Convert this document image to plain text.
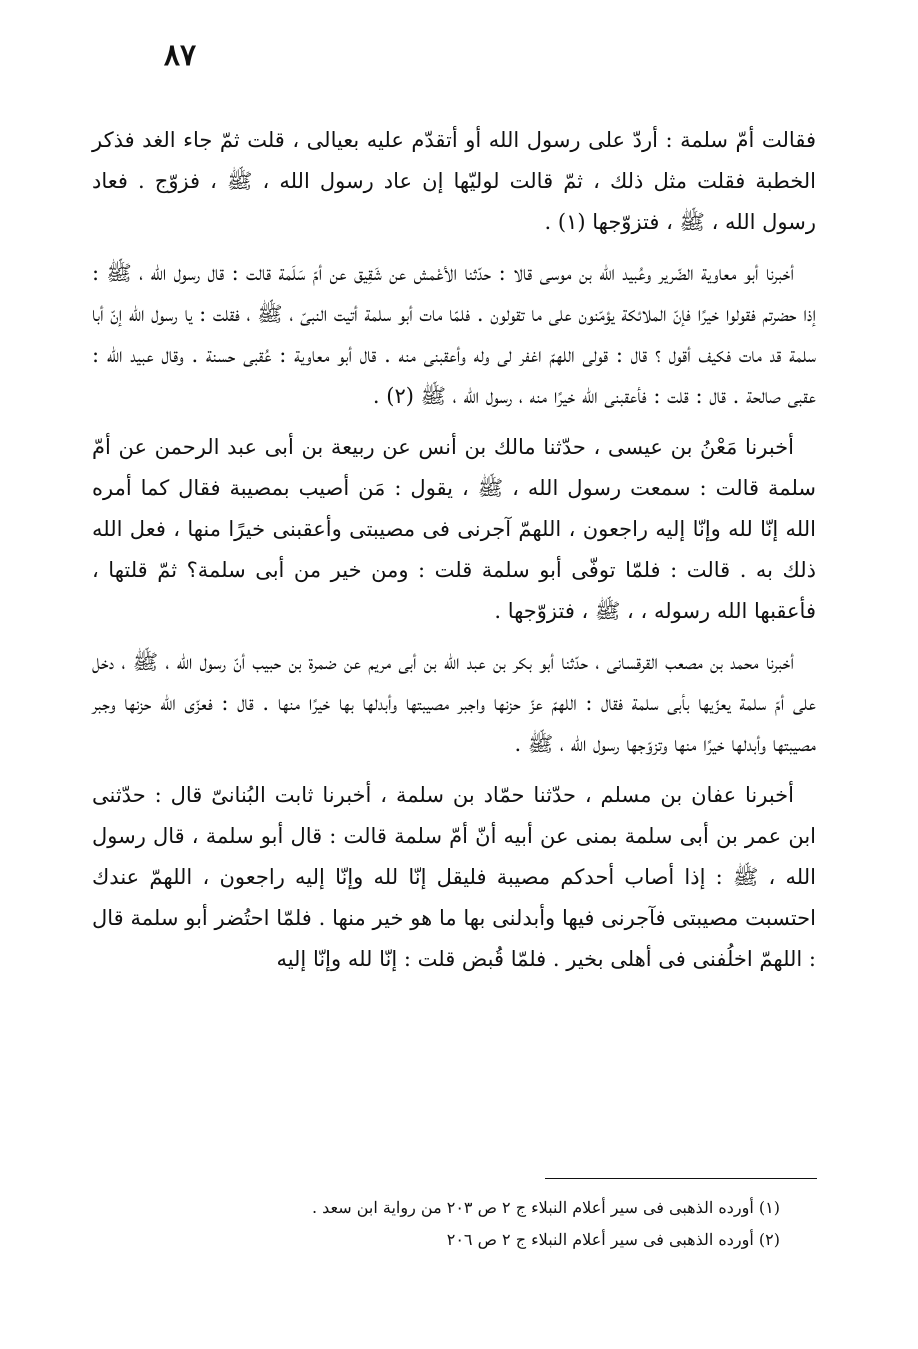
٨٧

فقالت أمّ سلمة : أردّ على رسول الله أو أتقدّم عليه بعيالى ، قلت ثمّ جاء الغد فذكر الخطبة فقلت مثل ذلك ، ثمّ قالت لوليّها إن عاد رسول الله ، ﷺ ، فزوّج . فعاد رسول الله ، ﷺ ، فتزوّجها (١) .

أخبرنا أبو معاوية الضّرير وعُبيد الله بن موسى قالا : حدّثنا الأعْمش عن شَقِيق عن أمّ سَلَمة قالت : قال رسول الله ، ﷺ : إذا حضرتم فقولوا خيرًا فإنّ الملائكة يؤمّنون على ما تقولون . فلمّا مات أبو سلمة أتيت النبىّ ، ﷺ ، فقلت : يا رسول الله إنّ أبا سلمة قد مات فكيف أقول ؟ قال : قولى اللهمّ اغفر لى وله وأعقبنى منه . قال أبو معاوية : عُقبى حسنة . وقال عبيد الله : عقبى صالحة . قال : قلت : فأعقبنى الله خيرًا منه ، رسول الله ، ﷺ (٢) .

أخبرنا مَعْنُ بن عيسى ، حدّثنا مالك بن أنس عن ربيعة بن أبى عبد الرحمن عن أمّ سلمة قالت : سمعت رسول الله ، ﷺ ، يقول : مَن أصيب بمصيبة فقال كما أمره الله إنّا لله وإنّا إليه راجعون ، اللهمّ آجرنى فى مصيبتى وأعقبنى خيرًا منها ، فعل الله ذلك به . قالت : فلمّا توفّى أبو سلمة قلت : ومن خير من أبى سلمة؟ ثمّ قلتها ، فأعقبها الله رسوله ، ، ﷺ ، فتزوّجها .

أخبرنا محمد بن مصعب القرقسانى ، حدّثنا أبو بكر بن عبد الله بن أبى مريم عن ضمرة بن حبيب أنّ رسول الله ، ﷺ ، دخل على أمّ سلمة يعزّيها بأبى سلمة فقال : اللهمّ عزّ حزنها واجبر مصيبتها وأبدلها بها خيرًا منها . قال : فعزّى الله حزنها وجبر مصيبتها وأبدلها خيرًا منها وتزوّجها رسول الله ، ﷺ .

أخبرنا عفان بن مسلم ، حدّثنا حمّاد بن سلمة ، أخبرنا ثابت البُنانىّ قال : حدّثنى ابن عمر بن أبى سلمة بمنى عن أبيه أنّ أمّ سلمة قالت : قال أبو سلمة ، قال رسول الله ، ﷺ : إذا أصاب أحدكم مصيبة فليقل إنّا لله وإنّا إليه راجعون ، اللهمّ عندك احتسبت مصيبتى فآجرنى فيها وأبدلنى بها ما هو خير منها . فلمّا احتُضر أبو سلمة قال : اللهمّ اخلُفنى فى أهلى بخير . فلمّا قُبض قلت : إنّا لله وإنّا إليه

(١) أورده الذهبى فى سير أعلام النبلاء ج ٢ ص ٢٠٣ من رواية ابن سعد .

(٢) أورده الذهبى فى سير أعلام النبلاء ج ٢ ص ٢٠٦
